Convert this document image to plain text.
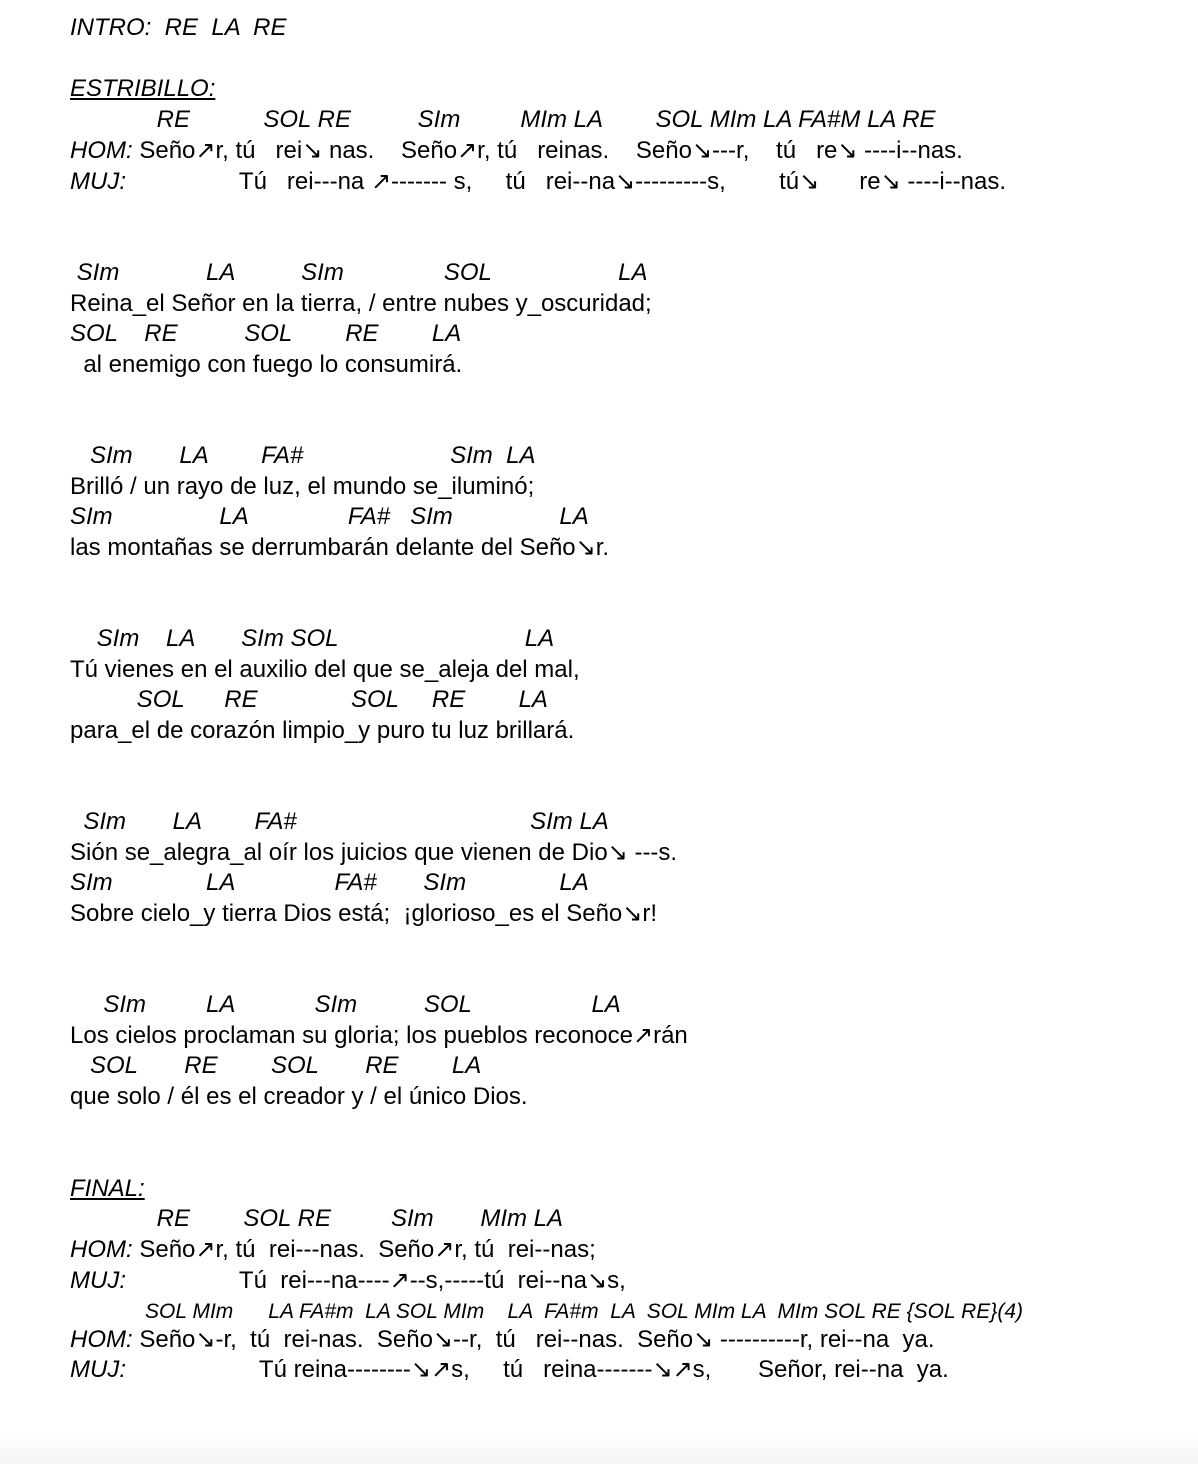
INTRO:  RE  LA  RE

ESTRIBILLO:

RE           SOL RE          SIm         MIm LA        SOL MIm LA FA#M LA RE

HOM: Seño↗r, tú   rei↘ nas.    Seño↗r, tú   reinas.    Seño↘---r,    tú   re↘ ----i--nas.

MUJ:                 Tú   rei---na ↗------- s,     tú   rei--na↘---------s,        tú↘      re↘ ----i--nas.

SIm             LA          SIm               SOL                   LA

Reina_el Señor en la tierra, / entre nubes y_oscuridad;

SOL    RE          SOL        RE        LA

al enemigo con fuego lo consumirá.

SIm       LA        FA#                      SIm  LA

Brilló / un rayo de luz, el mundo se_iluminó;

SIm                LA               FA#   SIm                LA

las montañas se derrumbarán delante del Seño↘r.

SIm    LA       SIm SOL                            LA

Tú vienes en el auxilio del que se_aleja del mal,

SOL      RE              SOL     RE        LA

para_el de corazón limpio_y puro tu luz brillará.

SIm       LA        FA#                                   SIm LA

Sión se_alegra_al oír los juicios que vienen de Dio↘ ---s.

SIm              LA               FA#       SIm              LA

Sobre cielo_y tierra Dios está;  ¡glorioso_es el Seño↘r!

SIm         LA            SIm          SOL                  LA

Los cielos proclaman su gloria; los pueblos reconoce↗rán

SOL       RE        SOL       RE        LA

que solo / él es el creador y / el único Dios.

FINAL:

RE        SOL RE         SIm       MIm LA

HOM: Seño↗r, tú  rei---nas.  Seño↗r, tú  rei--nas;

MUJ:                 Tú  rei---na----↗--s,-----tú  rei--na↘s,

SOL MIm      LA FA#m  LA SOL MIm    LA  FA#m  LA  SOL MIm LA  MIm SOL RE {SOL RE}(4)

HOM: Seño↘-r,  tú  rei-nas.  Seño↘--r,  tú   rei--nas.  Seño↘ ----------r, rei--na  ya.

MUJ:                    Tú reina--------↘↗s,     tú   reina-------↘↗s,       Señor, rei--na  ya.
